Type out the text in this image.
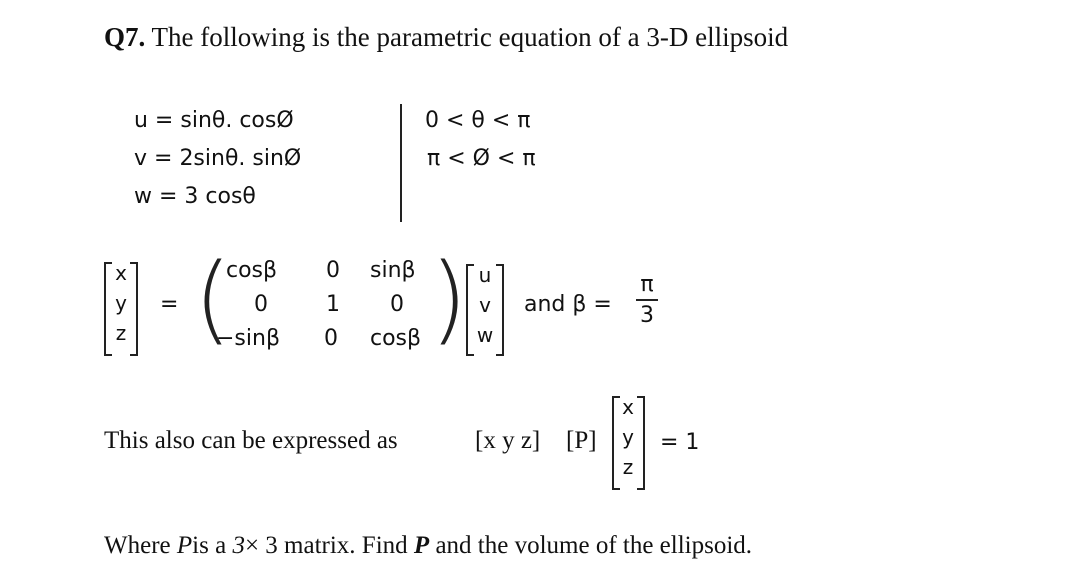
Q7. The following is the parametric equation of a 3-D ellipsoid
u = sinθ. cosØ
v = 2sinθ. sinØ
w = 3 cosθ
0 < θ < π
π < Ø < π
x
y
z
= (
cosβ 0 sinβ
0	1 0
−sinβ 0 cosβ ) u
v
w
and β =
π
3
This also can be expressed as	[x y z] [P]
x
y
z
= 1
Where Pis a 3× 3 matrix. Find P and the volume of the ellipsoid.
